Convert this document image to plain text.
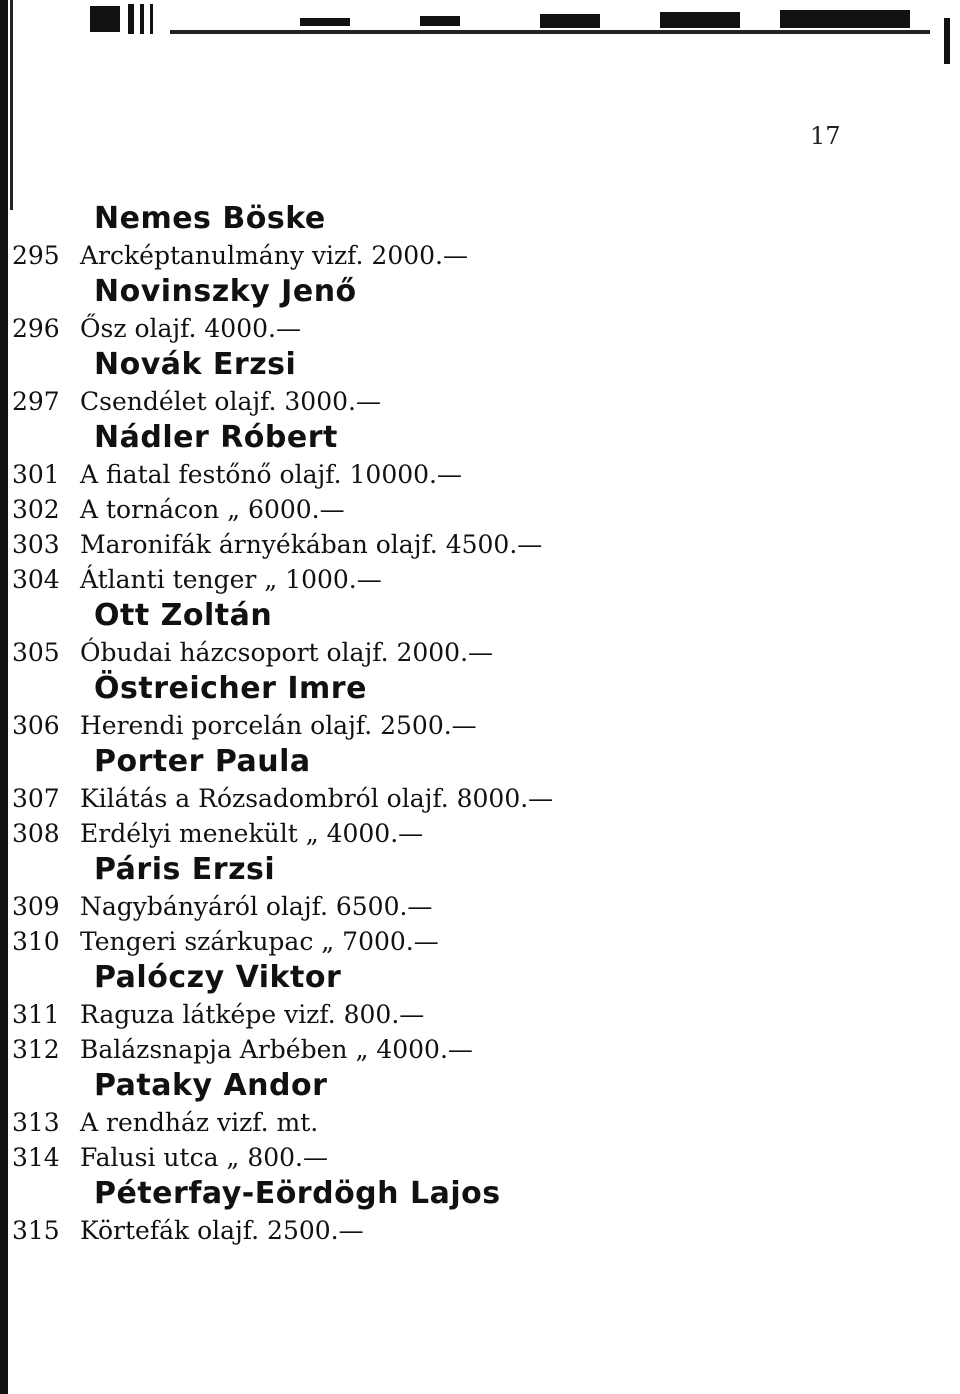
17
Nemes Böske
295 Arcképtanulmány vizf. 2000.—
Novinszky Jenő
296 Ősz olajf. 4000.—
Novák Erzsi
297 Csendélet olajf. 3000.—
Nádler Róbert
301 A fiatal festőnő olajf. 10000.—
302 A tornácon „ 6000.—
303 Maronifák árnyékában olajf. 4500.—
304 Átlanti tenger „ 1000.—
Ott Zoltán
305 Óbudai házcsoport olajf. 2000.—
Östreicher Imre
306 Herendi porcelán olajf. 2500.—
Porter Paula
307 Kilátás a Rózsadombról olajf. 8000.—
308 Erdélyi menekült „ 4000.—
Páris Erzsi
309 Nagybányáról olajf. 6500.—
310 Tengeri szárkupac „ 7000.—
Palóczy Viktor
311 Raguza látképe vizf. 800.—
312 Balázsnapja Arbében „ 4000.—
Pataky Andor
313 A rendház vizf. mt.
314 Falusi utca „ 800.—
Péterfay-Eördögh Lajos
315 Körtefák olajf. 2500.—
